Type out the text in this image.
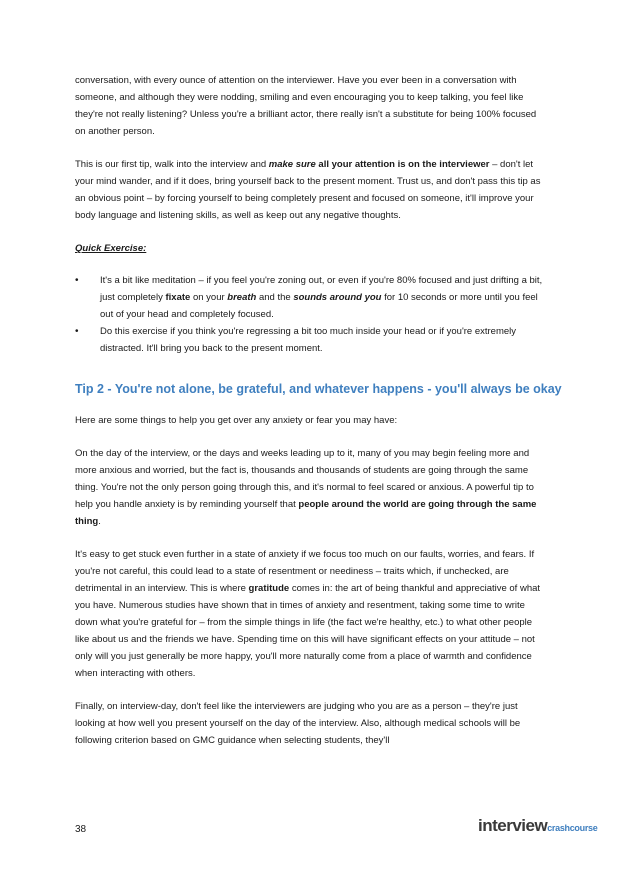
conversation, with every ounce of attention on the interviewer. Have you ever been in a conversation with someone, and although they were nodding, smiling and even encouraging you to keep talking, you feel like they're not really listening? Unless you're a brilliant actor, there really isn't a substitute for being 100% focused on another person.

This is our first tip, walk into the interview and make sure all your attention is on the interviewer – don't let your mind wander, and if it does, bring yourself back to the present moment. Trust us, and don't pass this tip as an obvious point – by forcing yourself to being completely present and focused on someone, it'll improve your body language and listening skills, as well as keep out any negative thoughts.

Quick Exercise:

• It's a bit like meditation – if you feel you're zoning out, or even if you're 80% focused and just drifting a bit, just completely fixate on your breath and the sounds around you for 10 seconds or more until you feel out of your head and completely focused.
• Do this exercise if you think you're regressing a bit too much inside your head or if you're extremely distracted. It'll bring you back to the present moment.
Tip 2 - You're not alone, be grateful, and whatever happens - you'll always be okay

Here are some things to help you get over any anxiety or fear you may have:

On the day of the interview, or the days and weeks leading up to it, many of you may begin feeling more and more anxious and worried, but the fact is, thousands and thousands of students are going through the same thing. You're not the only person going through this, and it's normal to feel scared or anxious. A powerful tip to help you handle anxiety is by reminding yourself that people around the world are going through the same thing.

It's easy to get stuck even further in a state of anxiety if we focus too much on our faults, worries, and fears. If you're not careful, this could lead to a state of resentment or neediness – traits which, if unchecked, are detrimental in an interview. This is where gratitude comes in: the art of being thankful and appreciative of what you have. Numerous studies have shown that in times of anxiety and resentment, taking some time to write down what you're grateful for – from the simple things in life (the fact we're healthy, etc.) to what other people like about us and the friends we have. Spending time on this will have significant effects on your attitude – not only will you just generally be more happy, you'll more naturally come from a place of warmth and confidence when interacting with others.

Finally, on interview-day, don't feel like the interviewers are judging who you are as a person – they're just looking at how well you present yourself on the day of the interview. Also, although medical schools will be following criterion based on GMC guidance when selecting students, they'll

38	interviewcrashcourse
